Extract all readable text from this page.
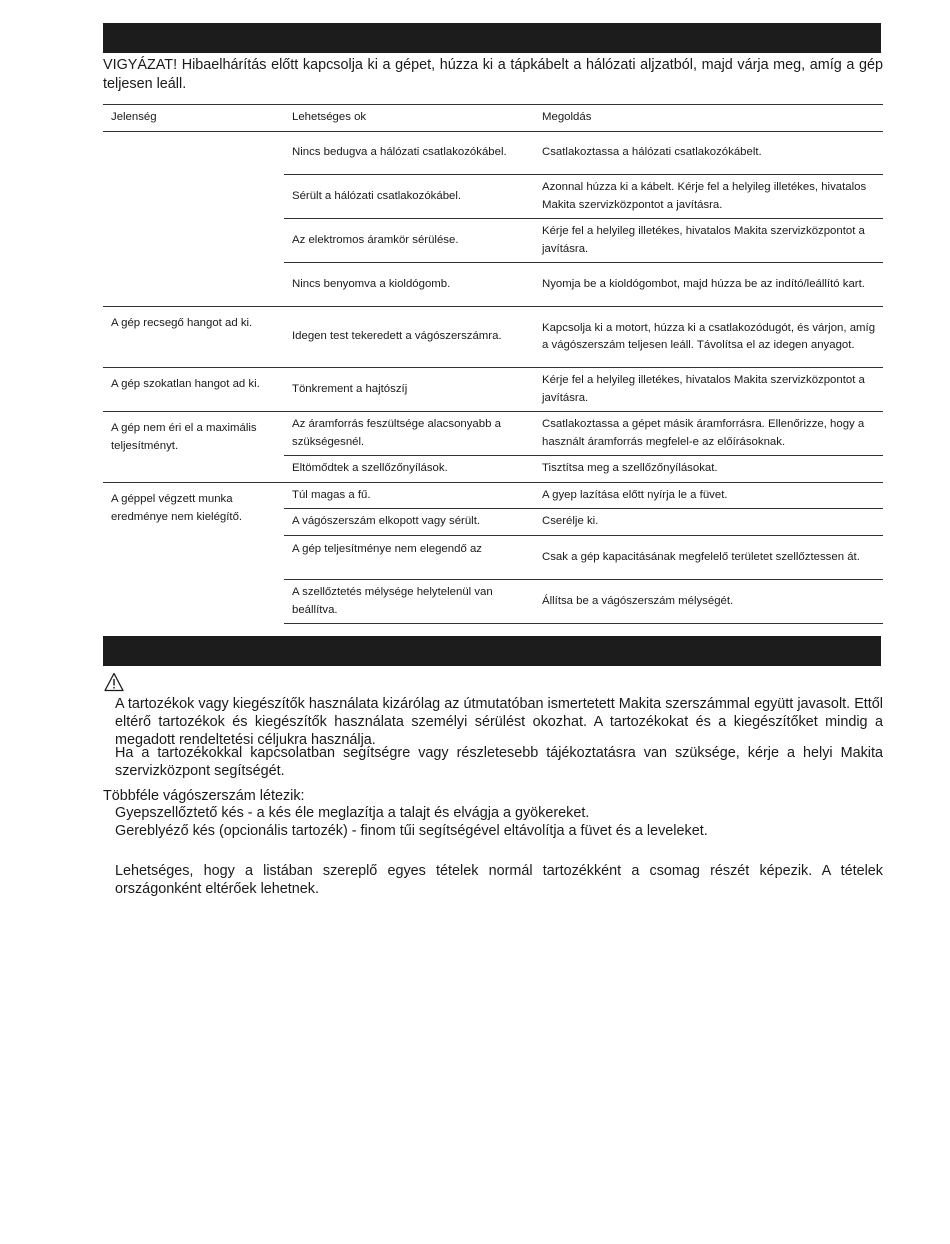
VIGYÁZAT! Hibaelhárítás előtt kapcsolja ki a gépet, húzza ki a tápkábelt a hálózati aljzatból, majd várja meg, amíg a gép teljesen leáll.
Jelenség	Lehetséges ok	Megoldás
	Nincs bedugva a hálózati csatlakozókábel.	Csatlakoztassa a hálózati csatlakozókábelt.
	Sérült a hálózati csatlakozókábel.	Azonnal húzza ki a kábelt. Kérje fel a helyileg illetékes, hivatalos Makita szervizközpontot a javításra.
	Az elektromos áramkör sérülése.	Kérje fel a helyileg illetékes, hivatalos Makita szervizközpontot a javításra.
	Nincs benyomva a kioldógomb.	Nyomja be a kioldógombot, majd húzza be az indító/leállító kart.
A gép recsegő hangot ad ki.	Idegen test tekeredett a vágószerszámra.	Kapcsolja ki a motort, húzza ki a csatlakozódugót, és várjon, amíg a vágószerszám teljesen leáll. Távolítsa el az idegen anyagot.
A gép szokatlan hangot ad ki.	Tönkrement a hajtószíj	Kérje fel a helyileg illetékes, hivatalos Makita szervizközpontot a javításra.
A gép nem éri el a maximális teljesítményt.	Az áramforrás feszültsége alacsonyabb a szükségesnél.	Csatlakoztassa a gépet másik áramforrásra. Ellenőrizze, hogy a használt áramforrás megfelel-e az előírásoknak.
	Eltömődtek a szellőzőnyílások.	Tisztítsa meg a szellőzőnyílásokat.
A géppel végzett munka eredménye nem kielégítő.	Túl magas a fű.	A gyep lazítása előtt nyírja le a füvet.
	A vágószerszám elkopott vagy sérült.	Cserélje ki.
	A gép teljesítménye nem elegendő az	Csak a gép kapacitásának megfelelő területet szellőztessen át.
	A szellőztetés mélysége helytelenül van beállítva.	Állítsa be a vágószerszám mélységét.
A tartozékok vagy kiegészítők használata kizárólag az útmutatóban ismertetett Makita szerszámmal együtt javasolt. Ettől eltérő tartozékok és kiegészítők használata személyi sérülést okozhat. A tartozékokat és a kiegészítőket mindig a megadott rendeltetési céljukra használja.
Ha a tartozékokkal kapcsolatban segítségre vagy részletesebb tájékoztatásra van szüksége, kérje a helyi Makita szervizközpont segítségét.
Többféle vágószerszám létezik:
Gyepszellőztető kés - a kés éle meglazítja a talajt és elvágja a gyökereket.
Gereblyéző kés (opcionális tartozék) - finom tűi segítségével eltávolítja a füvet és a leveleket.
Lehetséges, hogy a listában szereplő egyes tételek normál tartozékként a csomag részét képezik. A tételek országonként eltérőek lehetnek.
